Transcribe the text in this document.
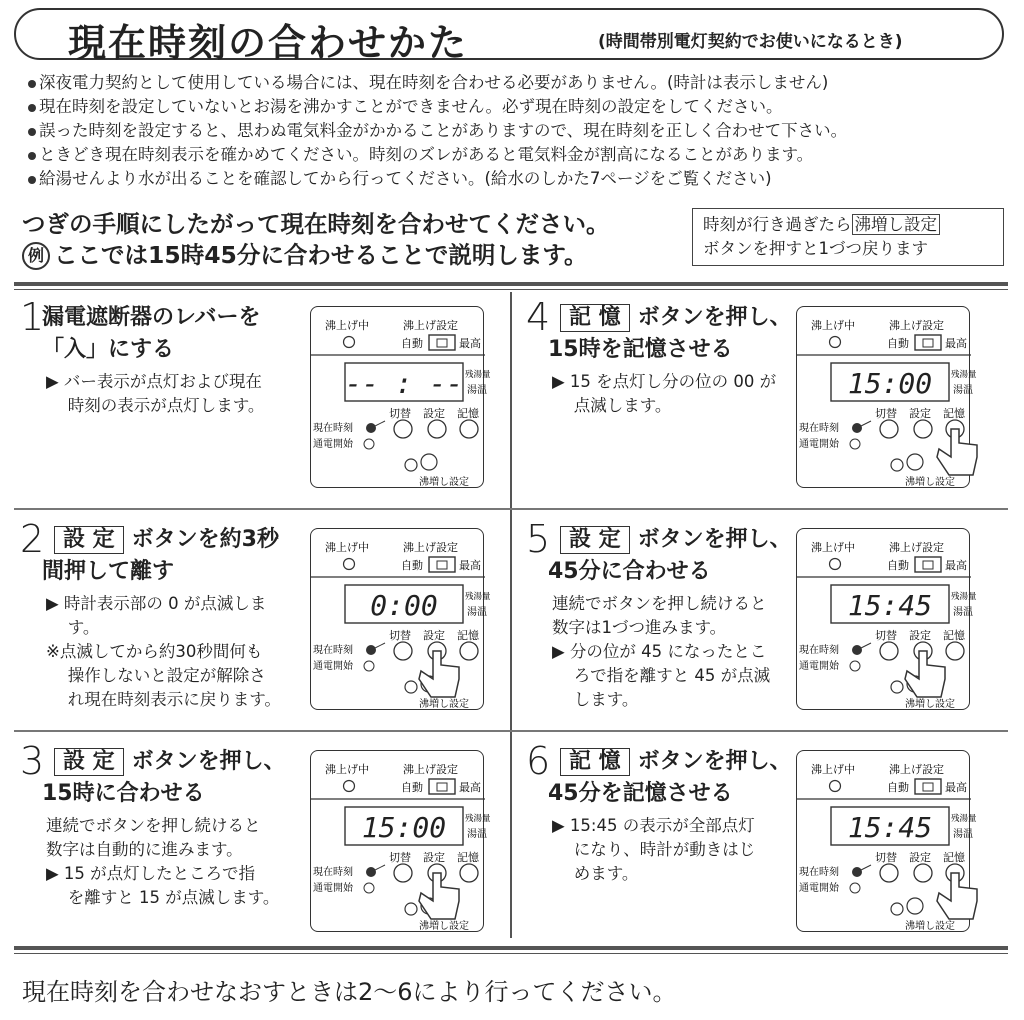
現在時刻の合わせかた	(時間帯別電灯契約でお使いになるとき)
深夜電力契約として使用している場合には、現在時刻を合わせる必要がありません。(時計は表示しません)
現在時刻を設定していないとお湯を沸かすことができません。必ず現在時刻の設定をしてください。
誤った時刻を設定すると、思わぬ電気料金がかかることがありますので、現在時刻を正しく合わせて下さい。
ときどき現在時刻表示を確かめてください。時刻のズレがあると電気料金が割高になることがあります。
給湯せんより水が出ることを確認してから行ってください。(給水のしかた7ページをご覧ください)
つぎの手順にしたがって現在時刻を合わせてください。
例 ここでは15時45分に合わせることで説明します。
時刻が行き過ぎたら 沸増し設定
ボタンを押すと1づつ戻ります
1
漏電遮断器のレバーを
「入」にする
▶ バー表示が点灯および現在
　 時刻の表示が点灯します。
沸上げ中	沸上げ設定
自動	最高
-- : -- 残湯量
湯温
切替 設定 記憶
現在時刻
通電開始
沸増し設定
2 設 定 ボタンを約3秒
間押して離す
▶ 時計表示部の 0 が点滅しま
　 す。
※点滅してから約30秒間何も
　 操作しないと設定が解除さ
　 れ現在時刻表示に戻ります。
沸上げ中	沸上げ設定
自動	最高
0:00	残湯量
湯温
切替 設定 記憶
現在時刻
通電開始
沸増し設定
3 設 定 ボタンを押し、
15時に合わせる
連続でボタンを押し続けると
数字は自動的に進みます。
▶ 15 が点灯したところで指
　 を離すと 15 が点滅します。
沸上げ中	沸上げ設定
自動	最高
15:00 残湯量
湯温
切替 設定 記憶
現在時刻
通電開始
沸増し設定
4 記 憶 ボタンを押し、
15時を記憶させる
▶ 15 を点灯し分の位の 00 が
　 点滅します。
沸上げ中	沸上げ設定
自動	最高
15:00 残湯量
湯温
切替 設定 記憶
現在時刻
通電開始
沸増し設定
5 設 定 ボタンを押し、
45分に合わせる
連続でボタンを押し続けると
数字は1づつ進みます。
▶ 分の位が 45 になったとこ
　 ろで指を離すと 45 が点滅
　 します。
沸上げ中	沸上げ設定
自動	最高
15:45 残湯量
湯温
切替 設定 記憶
現在時刻
通電開始
沸増し設定
6 記 憶 ボタンを押し、
45分を記憶させる
▶ 15:45 の表示が全部点灯
　 になり、時計が動きはじ
　 めます。
沸上げ中	沸上げ設定
自動	最高
15:45 残湯量
湯温
切替 設定 記憶
現在時刻
通電開始
沸増し設定
現在時刻を合わせなおすときは2〜6により行ってください。
